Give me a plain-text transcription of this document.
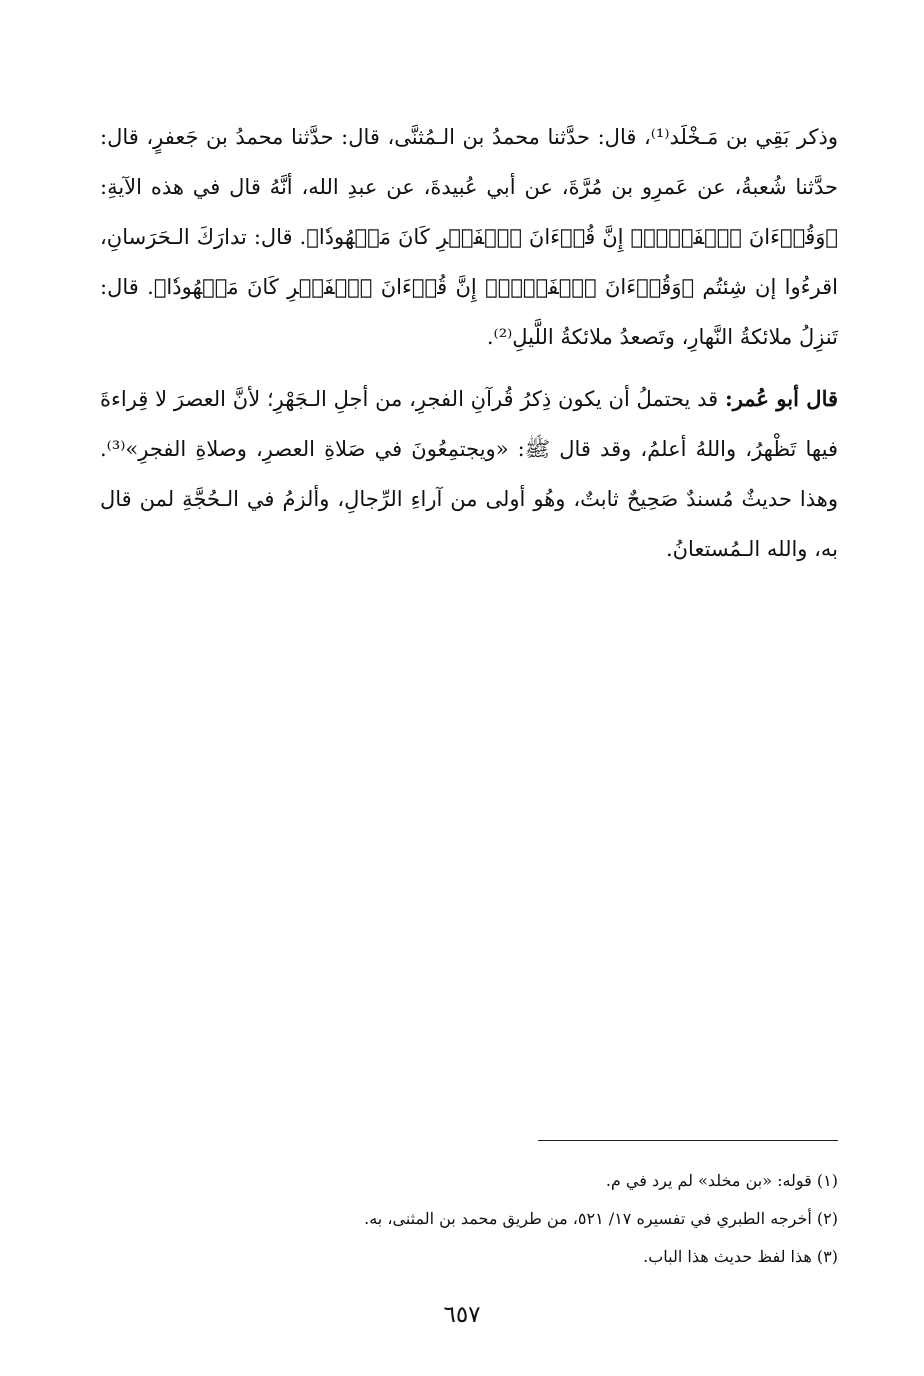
وذكر بَقِي بن مَـخْلَد⁽¹⁾، قال: حدَّثنا محمدُ بن الـمُثنَّى، قال: حدَّثنا محمدُ بن جَعفرٍ، قال: حدَّثنا شُعبةُ، عن عَمرِو بن مُرَّةَ، عن أبي عُبيدةَ، عن عبدِ الله، أنَّهُ قال في هذه الآيةِ: ﴿وَقُرۡءَانَ ٱلۡفَجۡرِۖ إِنَّ قُرۡءَانَ ٱلۡفَجۡرِ كَانَ مَشۡهُودٗا﴾. قال: تدارَكَ الـحَرَسانِ، اقرءُوا إن شِئتُم ﴿وَقُرۡءَانَ ٱلۡفَجۡرِۖ إِنَّ قُرۡءَانَ ٱلۡفَجۡرِ كَانَ مَشۡهُودٗا﴾. قال: تَنزِلُ ملائكةُ النَّهارِ، وتَصعدُ ملائكةُ اللَّيلِ⁽²⁾.

قال أبو عُمر: قد يحتملُ أن يكون ذِكرُ قُرآنِ الفجرِ، من أجلِ الـجَهْرِ؛ لأنَّ العصرَ لا قِراءةَ فيها تَظْهرُ، واللهُ أعلمُ، وقد قال ﷺ: «ويجتمِعُونَ في صَلاةِ العصرِ، وصلاةِ الفجرِ»⁽³⁾. وهذا حديثٌ مُسندٌ صَحِيحٌ ثابتٌ، وهُو أولى من آراءِ الرِّجالِ، وألزمُ في الـحُجَّةِ لمن قال به، والله الـمُستعانُ.

(١) قوله: «بن مخلد» لم يرد في م.

(٢) أخرجه الطبري في تفسيره ١٧/ ٥٢١، من طريق محمد بن المثنى، به.

(٣) هذا لفظ حديث هذا الباب.

٦٥٧
